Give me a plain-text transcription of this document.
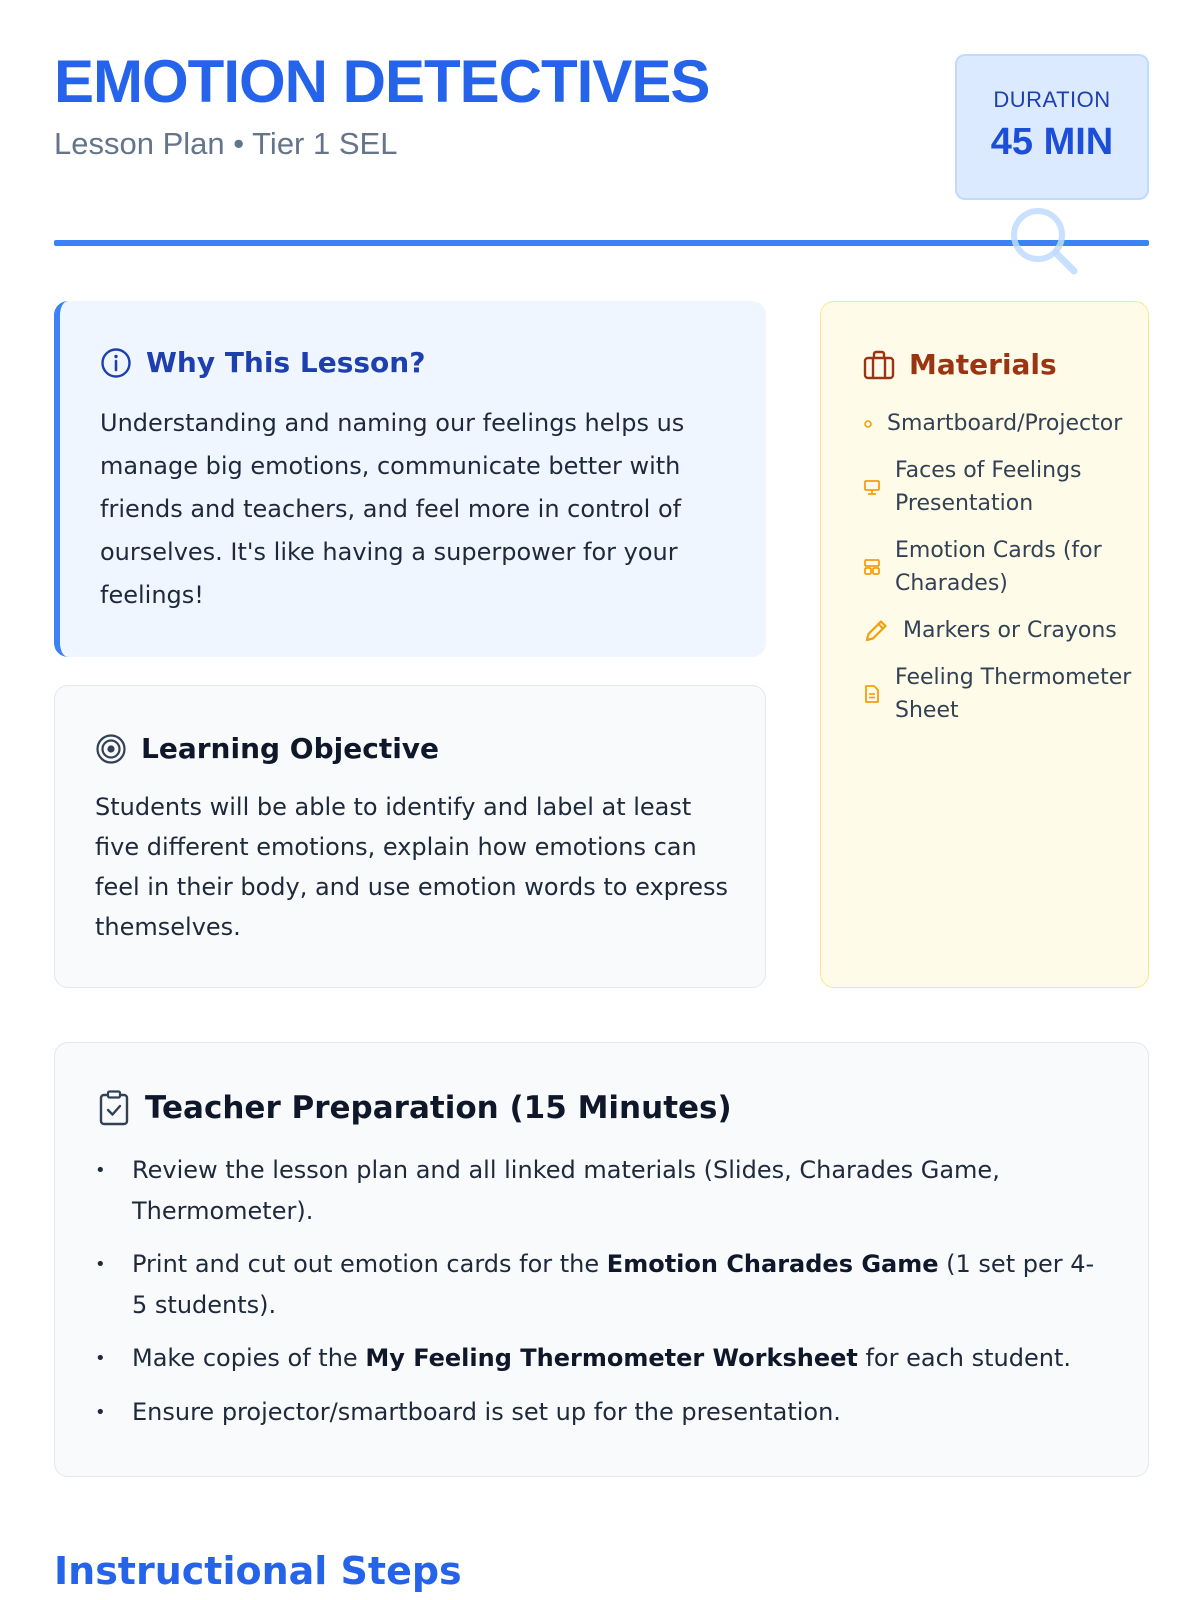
EMOTION DETECTIVES
Lesson Plan • Tier 1 SEL
DURATION
45 MIN
Why This Lesson?

Understanding and naming our feelings helps us manage big emotions, communicate better with friends and teachers, and feel more in control of ourselves. It's like having a superpower for your feelings!

Learning Objective

Students will be able to identify and label at least five different emotions, explain how emotions can feel in their body, and use emotion words to express themselves.

Materials
Smartboard/Projector
Faces of Feelings Presentation
Emotion Cards (for Charades)
Markers or Crayons
Feeling Thermometer Sheet
Teacher Preparation (15 Minutes)
• Review the lesson plan and all linked materials (Slides, Charades Game, Thermometer).
• Print and cut out emotion cards for the Emotion Charades Game (1 set per 4-5 students).
• Make copies of the My Feeling Thermometer Worksheet for each student.
• Ensure projector/smartboard is set up for the presentation.
Instructional Steps
